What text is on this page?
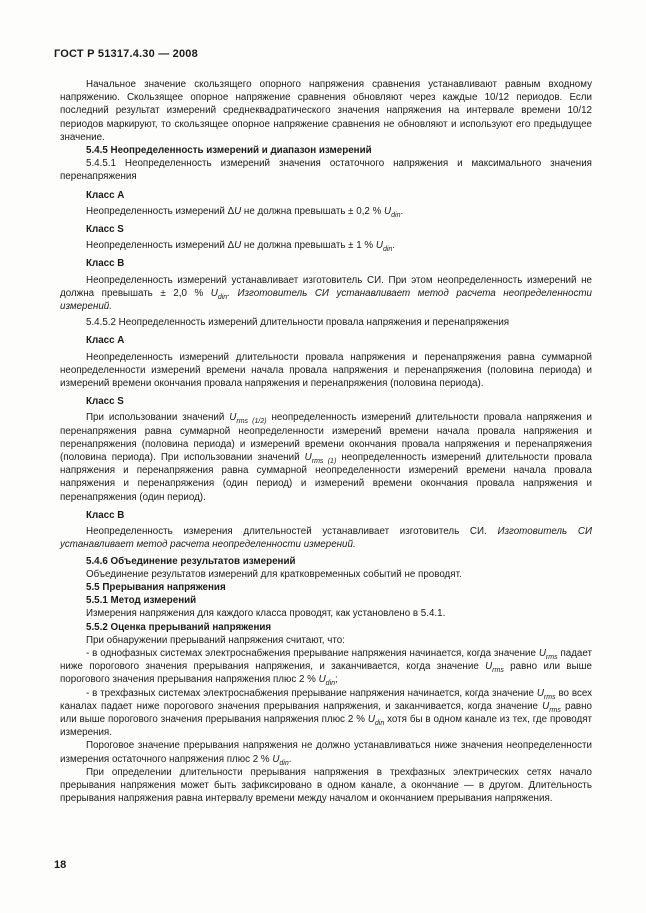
ГОСТ Р 51317.4.30 — 2008

Начальное значение скользящего опорного напряжения сравнения устанавливают равным входному напряжению. Скользящее опорное напряжение сравнения обновляют через каждые 10/12 периодов. Если последний результат измерений среднеквадратического значения напряжения на интервале времени 10/12 периодов маркируют, то скользящее опорное напряжение сравнения не обновляют и используют его предыдущее значение.

5.4.5 Неопределенность измерений и диапазон измерений

5.4.5.1 Неопределенность измерений значения остаточного напряжения и максимального значения перенапряжения

Класс А

Неопределенность измерений ΔU не должна превышать ± 0,2 % $U_{din}$.

Класс S

Неопределенность измерений ΔU не должна превышать ± 1 % $U_{din}$.

Класс В

Неопределенность измерений устанавливает изготовитель СИ. При этом неопределенность измерений не должна превышать ± 2,0 % $U_{din}$. Изготовитель СИ устанавливает метод расчета неопределенности измерений.

5.4.5.2 Неопределенность измерений длительности провала напряжения и перенапряжения

Класс А

Неопределенность измерений длительности провала напряжения и перенапряжения равна суммарной неопределенности измерений времени начала провала напряжения и перенапряжения (половина периода) и измерений времени окончания провала напряжения и перенапряжения (половина периода).

Класс S

При использовании значений $U_{rms (1/2)}$ неопределенность измерений длительности провала напряжения и перенапряжения равна суммарной неопределенности измерений времени начала провала напряжения и перенапряжения (половина периода) и измерений времени окончания провала напряжения и перенапряжения (половина периода). При использовании значений $U_{rms (1)}$ неопределенность измерений длительности провала напряжения и перенапряжения равна суммарной неопределенности измерений времени начала провала напряжения и перенапряжения (один период) и измерений времени окончания провала напряжения и перенапряжения (один период).

Класс В

Неопределенность измерения длительностей устанавливает изготовитель СИ. Изготовитель СИ устанавливает метод расчета неопределенности измерений.

5.4.6 Объединение результатов измерений

Объединение результатов измерений для кратковременных событий не проводят.

5.5 Прерывания напряжения

5.5.1 Метод измерений

Измерения напряжения для каждого класса проводят, как установлено в 5.4.1.

5.5.2 Оценка прерываний напряжения

При обнаружении прерываний напряжения считают, что:

- в однофазных системах электроснабжения прерывание напряжения начинается, когда значение $U_{rms}$ падает ниже порогового значения прерывания напряжения, и заканчивается, когда значение $U_{rms}$ равно или выше порогового значения прерывания напряжения плюс 2 % $U_{din}$;

- в трехфазных системах электроснабжения прерывание напряжения начинается, когда значение $U_{rms}$ во всех каналах падает ниже порогового значения прерывания напряжения, и заканчивается, когда значение $U_{rms}$ равно или выше порогового значения прерывания напряжения плюс 2 % $U_{din}$ хотя бы в одном канале из тех, где проводят измерения.

Пороговое значение прерывания напряжения не должно устанавливаться ниже значения неопределенности измерения остаточного напряжения плюс 2 % $U_{din}$.

При определении длительности прерывания напряжения в трехфазных электрических сетях начало прерывания напряжения может быть зафиксировано в одном канале, а окончание — в другом. Длительность прерывания напряжения равна интервалу времени между началом и окончанием прерывания напряжения.

18
